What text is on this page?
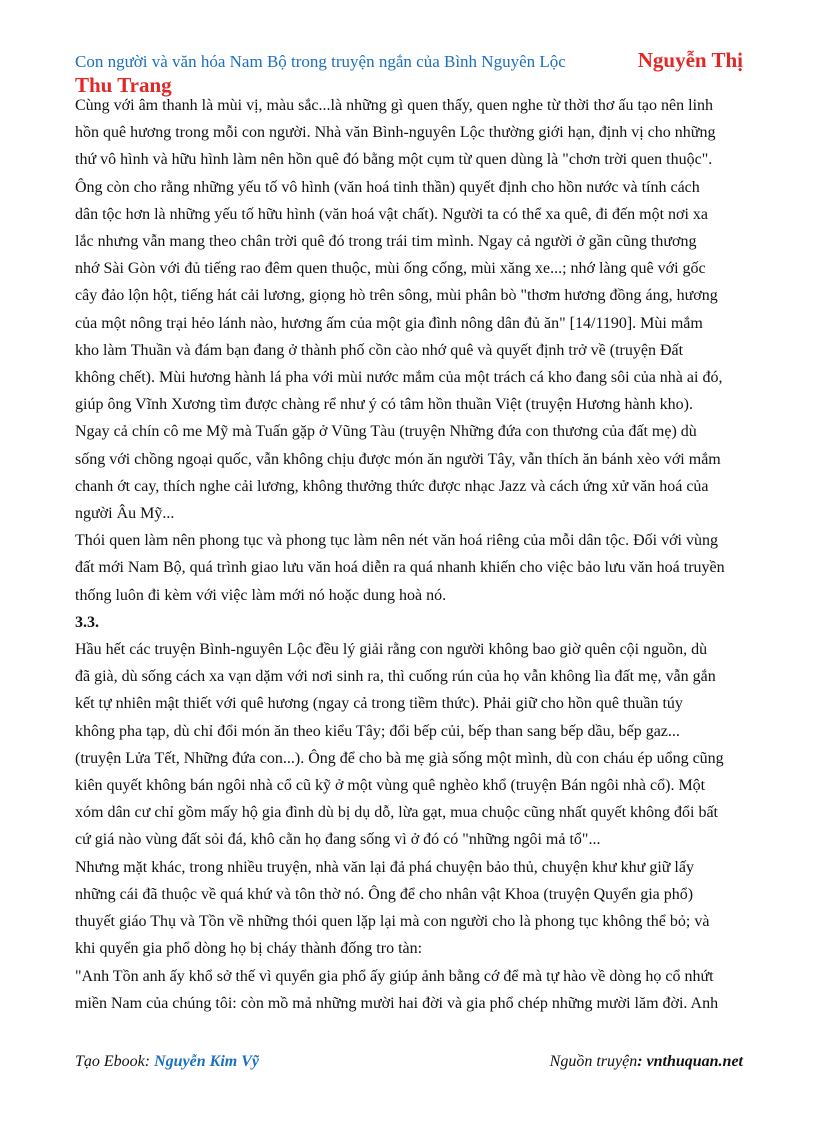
Con người và văn hóa Nam Bộ trong truyện ngắn của Bình Nguyên Lộc	Nguyễn Thị
Thu Trang
Cùng với âm thanh là mùi vị, màu sắc...là những gì quen thấy, quen nghe từ thời thơ ấu tạo nên linh
hồn quê hương trong mỗi con người. Nhà văn Bình-nguyên Lộc thường giới hạn, định vị cho những
thứ vô hình và hữu hình làm nên hồn quê đó bằng một cụm từ quen dùng là "chơn trời quen thuộc".
Ông còn cho rằng những yếu tố vô hình (văn hoá tinh thần) quyết định cho hồn nước và tính cách
dân tộc hơn là những yếu tố hữu hình (văn hoá vật chất). Người ta có thể xa quê, đi đến một nơi xa
lắc nhưng vẫn mang theo chân trời quê đó trong trái tim mình. Ngay cả người ở gần cũng thương
nhớ Sài Gòn với đủ tiếng rao đêm quen thuộc, mùi ống cống, mùi xăng xe...; nhớ làng quê với gốc
cây đảo lộn hột, tiếng hát cải lương, giọng hò trên sông, mùi phân bò "thơm hương đồng áng, hương
của một nông trại hẻo lánh nào, hương ấm của một gia đình nông dân đủ ăn" [14/1190]. Mùi mắm
kho làm Thuần và đám bạn đang ở thành phố cồn cào nhớ quê và quyết định trở về (truyện Đất
không chết). Mùi hương hành lá pha với mùi nước mắm của một trách cá kho đang sôi của nhà ai đó,
giúp ông Vĩnh Xương tìm được chàng rể như ý có tâm hồn thuần Việt (truyện Hương hành kho).
Ngay cả chín cô me Mỹ mà Tuấn gặp ở Vũng Tàu (truyện Những đứa con thương của đất mẹ) dù
sống với chồng ngoại quốc, vẫn không chịu được món ăn người Tây, vẫn thích ăn bánh xèo với mắm
chanh ớt cay, thích nghe cải lương, không thưởng thức được nhạc Jazz và cách ứng xử văn hoá của
người Âu Mỹ...
Thói quen làm nên phong tục và phong tục làm nên nét văn hoá riêng của mỗi dân tộc. Đối với vùng
đất mới Nam Bộ, quá trình giao lưu văn hoá diễn ra quá nhanh khiến cho việc bảo lưu văn hoá truyền
thống luôn đi kèm với việc làm mới nó hoặc dung hoà nó.
3.3.
Hầu hết các truyện Bình-nguyên Lộc đều lý giải rằng con người không bao giờ quên cội nguồn, dù
đã già, dù sống cách xa vạn dặm với nơi sinh ra, thì cuống rún của họ vẫn không lìa đất mẹ, vẫn gắn
kết tự nhiên mật thiết với quê hương (ngay cả trong tiềm thức). Phải giữ cho hồn quê thuần túy
không pha tạp, dù chỉ đổi món ăn theo kiểu Tây; đổi bếp củi, bếp than sang bếp dầu, bếp gaz...
(truyện Lửa Tết, Những đứa con...). Ông để cho bà mẹ già sống một mình, dù con cháu ép uổng cũng
kiên quyết không bán ngôi nhà cổ cũ kỹ ở một vùng quê nghèo khổ (truyện Bán ngôi nhà cổ). Một
xóm dân cư chỉ gồm mấy hộ gia đình dù bị dụ dỗ, lừa gạt, mua chuộc cũng nhất quyết không đổi bất
cứ giá nào vùng đất sỏi đá, khô cằn họ đang sống vì ở đó có "những ngôi mả tổ"...
Nhưng mặt khác, trong nhiều truyện, nhà văn lại đả phá chuyện bảo thủ, chuyện khư khư giữ lấy
những cái đã thuộc về quá khứ và tôn thờ nó. Ông để cho nhân vật Khoa (truyện Quyển gia phổ)
thuyết giáo Thụ và Tồn về những thói quen lặp lại mà con người cho là phong tục không thể bỏ; và
khi quyển gia phổ dòng họ bị cháy thành đống tro tàn:
"Anh Tồn anh ấy khổ sở thế vì quyển gia phổ ấy giúp ảnh bằng cớ để mà tự hào về dòng họ cổ nhứt
miền Nam của chúng tôi: còn mồ mả những mười hai đời và gia phổ chép những mười lăm đời. Anh
Tạo Ebook: Nguyễn Kim Vỹ	Nguồn truyện: vnthuquan.net
